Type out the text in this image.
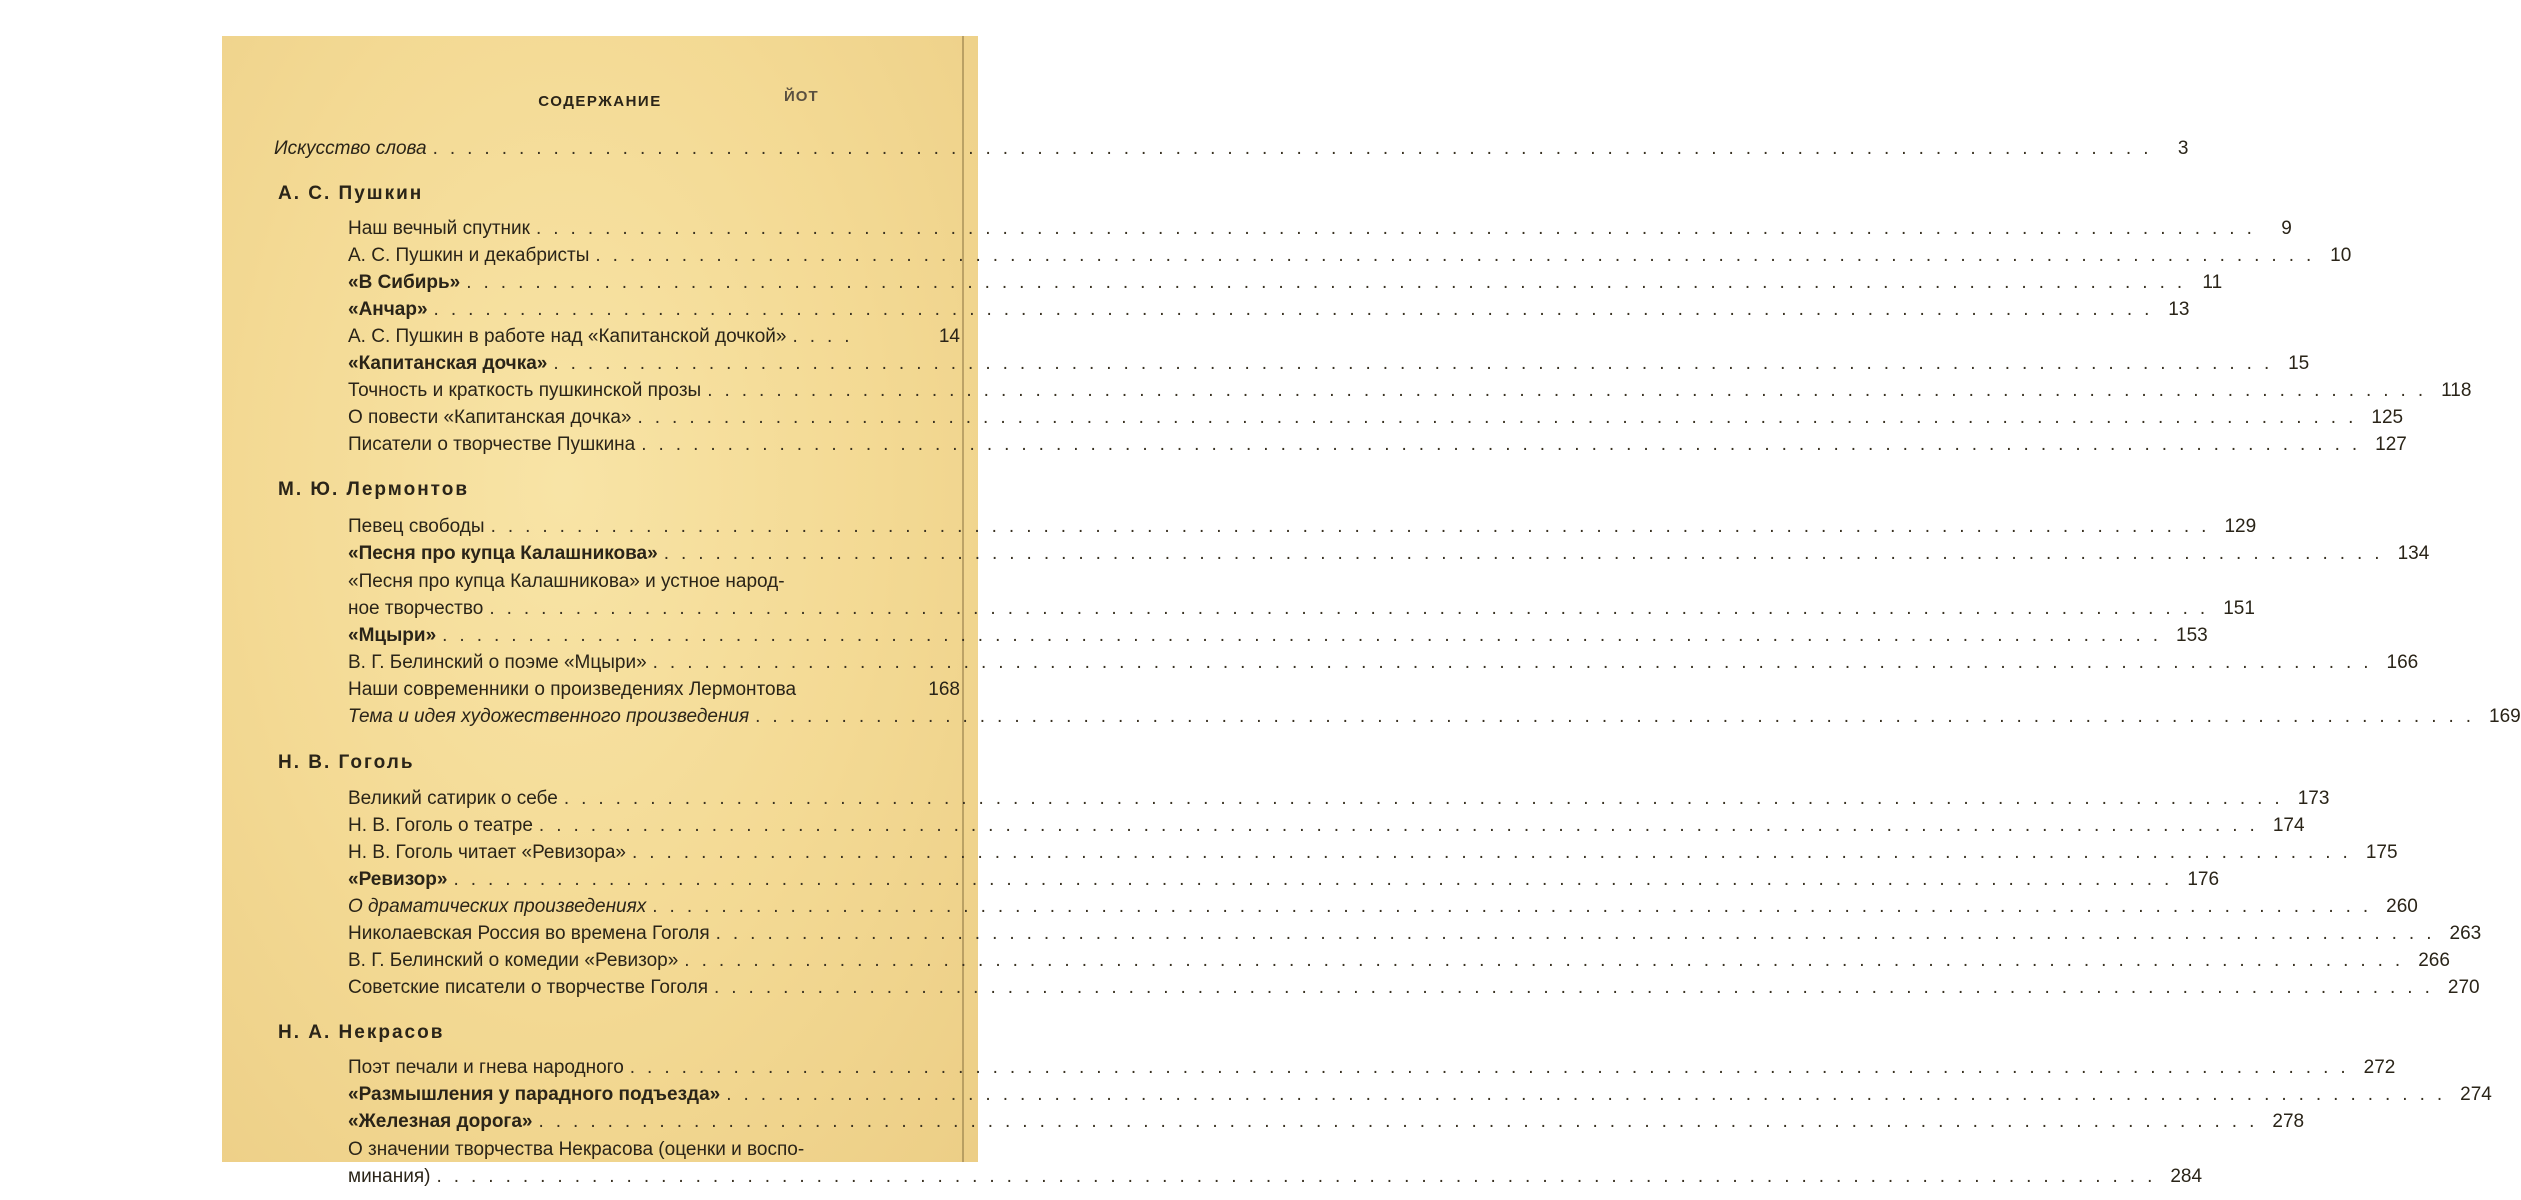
СОДЕРЖАНИЕ	ЙОТ
Искусство слова .................................................................................................... 3
А. С. Пушкин
Наш вечный спутник .................................................................................................... 9
А. С. Пушкин и декабристы .................................................................................................... 10
«В Сибирь» .................................................................................................... 11
«Анчар» .................................................................................................... 13
А. С. Пушкин в работе над «Капитанской дочкой» ....	14
«Капитанская дочка» .................................................................................................... 15
Точность и краткость пушкинской прозы .................................................................................................... 118
О повести «Капитанская дочка» .................................................................................................... 125
Писатели о творчестве Пушкина .................................................................................................... 127
М. Ю. Лермонтов
Певец свободы .................................................................................................... 129
«Песня про купца Калашникова» .................................................................................................... 134
«Песня про купца Калашникова» и устное народ-
ное творчество .................................................................................................... 151
«Мцыри» .................................................................................................... 153
В. Г. Белинский о поэме «Мцыри» .................................................................................................... 166
Наши современники о произведениях Лермонтова	168
Тема и идея художественного произведения .................................................................................................... 169
Н. В. Гоголь
Великий сатирик о себе .................................................................................................... 173
Н. В. Гоголь о театре .................................................................................................... 174
Н. В. Гоголь читает «Ревизора» .................................................................................................... 175
«Ревизор» .................................................................................................... 176
О драматических произведениях .................................................................................................... 260
Николаевская Россия во времена Гоголя .................................................................................................... 263
В. Г. Белинский о комедии «Ревизор» .................................................................................................... 266
Советские писатели о творчестве Гоголя .................................................................................................... 270
Н. А. Некрасов
Поэт печали и гнева народного .................................................................................................... 272
«Размышления у парадного подъезда» .................................................................................................... 274
«Железная дорога» .................................................................................................... 278
О значении творчества Некрасова (оценки и воспо-
минания) .................................................................................................... 284
